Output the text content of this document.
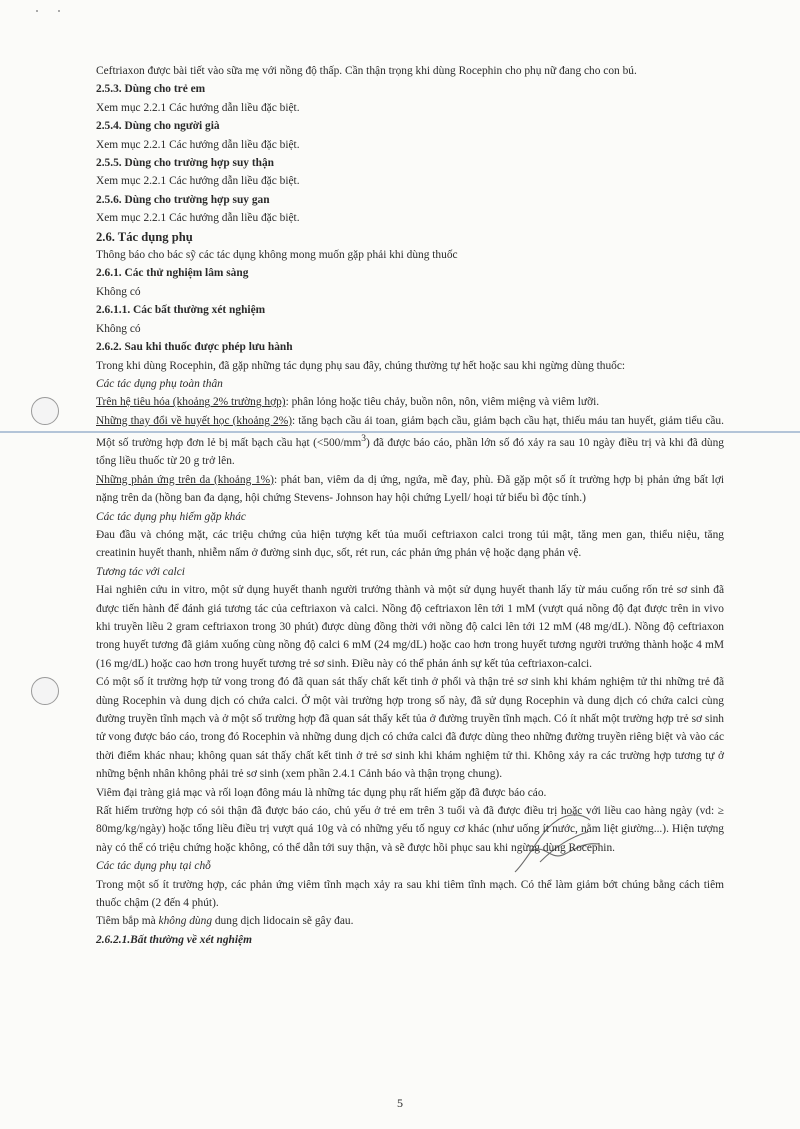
Ceftriaxon được bài tiết vào sữa mẹ với nồng độ thấp. Cần thận trọng khi dùng Rocephin cho phụ nữ đang cho con bú.

2.5.3. Dùng cho trẻ em

Xem mục 2.2.1 Các hướng dẫn liều đặc biệt.

2.5.4. Dùng cho người già

Xem mục 2.2.1 Các hướng dẫn liều đặc biệt.

2.5.5. Dùng cho trường hợp suy thận

Xem mục 2.2.1 Các hướng dẫn liều đặc biệt.

2.5.6. Dùng cho trường hợp suy gan

Xem mục 2.2.1 Các hướng dẫn liều đặc biệt.

2.6. Tác dụng phụ

Thông báo cho bác sỹ các tác dụng không mong muốn gặp phải khi dùng thuốc

2.6.1. Các thử nghiệm lâm sàng

Không có

2.6.1.1. Các bất thường xét nghiệm

Không có

2.6.2. Sau khi thuốc được phép lưu hành

Trong khi dùng Rocephin, đã gặp những tác dụng phụ sau đây, chúng thường tự hết hoặc sau khi ngừng dùng thuốc:

Các tác dụng phụ toàn thân

Trên hệ tiêu hóa (khoảng 2% trường hợp): phân lỏng hoặc tiêu chảy, buồn nôn, nôn, viêm miệng và viêm lưỡi.

Những thay đổi về huyết học (khoảng 2%): tăng bạch cầu ái toan, giảm bạch cầu, giảm bạch cầu hạt, thiếu máu tan huyết, giảm tiểu cầu. Một số trường hợp đơn lẻ bị mất bạch cầu hạt $(<500/mm^3)$ đã được báo cáo, phần lớn số đó xảy ra sau 10 ngày điều trị và khi đã dùng tổng liều thuốc từ 20 g trở lên.

Những phản ứng trên da (khoảng 1%): phát ban, viêm da dị ứng, ngứa, mề đay, phù. Đã gặp một số ít trường hợp bị phản ứng bất lợi nặng trên da (hồng ban đa dạng, hội chứng Stevens- Johnson hay hội chứng Lyell/ hoại tử biểu bì độc tính.)

Các tác dụng phụ hiếm gặp khác

Đau đầu và chóng mặt, các triệu chứng của hiện tượng kết tủa muối ceftriaxon calci trong túi mật, tăng men gan, thiểu niệu, tăng creatinin huyết thanh, nhiễm nấm ở đường sinh dục, sốt, rét run, các phản ứng phản vệ hoặc dạng phản vệ.

Tương tác với calci

Hai nghiên cứu in vitro, một sử dụng huyết thanh người trưởng thành và một sử dụng huyết thanh lấy từ máu cuống rốn trẻ sơ sinh đã được tiến hành để đánh giá tương tác của ceftriaxon và calci. Nồng độ ceftriaxon lên tới 1 mM (vượt quá nồng độ đạt được trên in vivo khi truyền liều 2 gram ceftriaxon trong 30 phút) được dùng đồng thời với nồng độ calci lên tới 12 mM (48 mg/dL). Nồng độ ceftriaxon trong huyết tương đã giảm xuống cùng nồng độ calci 6 mM (24 mg/dL) hoặc cao hơn trong huyết tương người trưởng thành hoặc 4 mM (16 mg/dL) hoặc cao hơn trong huyết tương trẻ sơ sinh. Điều này có thể phản ánh sự kết tủa ceftriaxon-calci.

Có một số ít trường hợp tử vong trong đó đã quan sát thấy chất kết tinh ở phổi và thận trẻ sơ sinh khi khám nghiệm tử thi những trẻ đã dùng Rocephin và dung dịch có chứa calci. Ở một vài trường hợp trong số này, đã sử dụng Rocephin và dung dịch có chứa calci cùng đường truyền tĩnh mạch và ở một số trường hợp đã quan sát thấy kết tủa ở đường truyền tĩnh mạch. Có ít nhất một trường hợp trẻ sơ sinh tử vong được báo cáo, trong đó Rocephin và những dung dịch có chứa calci đã được dùng theo những đường truyền riêng biệt và vào các thời điểm khác nhau; không quan sát thấy chất kết tinh ở trẻ sơ sinh khi khám nghiệm tử thi. Không xảy ra các trường hợp tương tự ở những bệnh nhân không phải trẻ sơ sinh (xem phần 2.4.1 Cảnh báo và thận trọng chung).

Viêm đại tràng giả mạc và rối loạn đông máu là những tác dụng phụ rất hiếm gặp đã được báo cáo.

Rất hiếm trường hợp có sỏi thận đã được báo cáo, chủ yếu ở trẻ em trên 3 tuổi và đã được điều trị hoặc với liều cao hàng ngày (vd: ≥ 80mg/kg/ngày) hoặc tổng liều điều trị vượt quá 10g và có những yếu tố nguy cơ khác (như uống ít nước, nằm liệt giường...). Hiện tượng này có thể có triệu chứng hoặc không, có thể dẫn tới suy thận, và sẽ được hồi phục sau khi ngừng dùng Rocephin.

Các tác dụng phụ tại chỗ

Trong một số ít trường hợp, các phản ứng viêm tĩnh mạch xảy ra sau khi tiêm tĩnh mạch. Có thể làm giảm bớt chúng bằng cách tiêm thuốc chậm (2 đến 4 phút).

Tiêm bắp mà không dùng dung dịch lidocain sẽ gây đau.

2.6.2.1.Bất thường về xét nghiệm

5
